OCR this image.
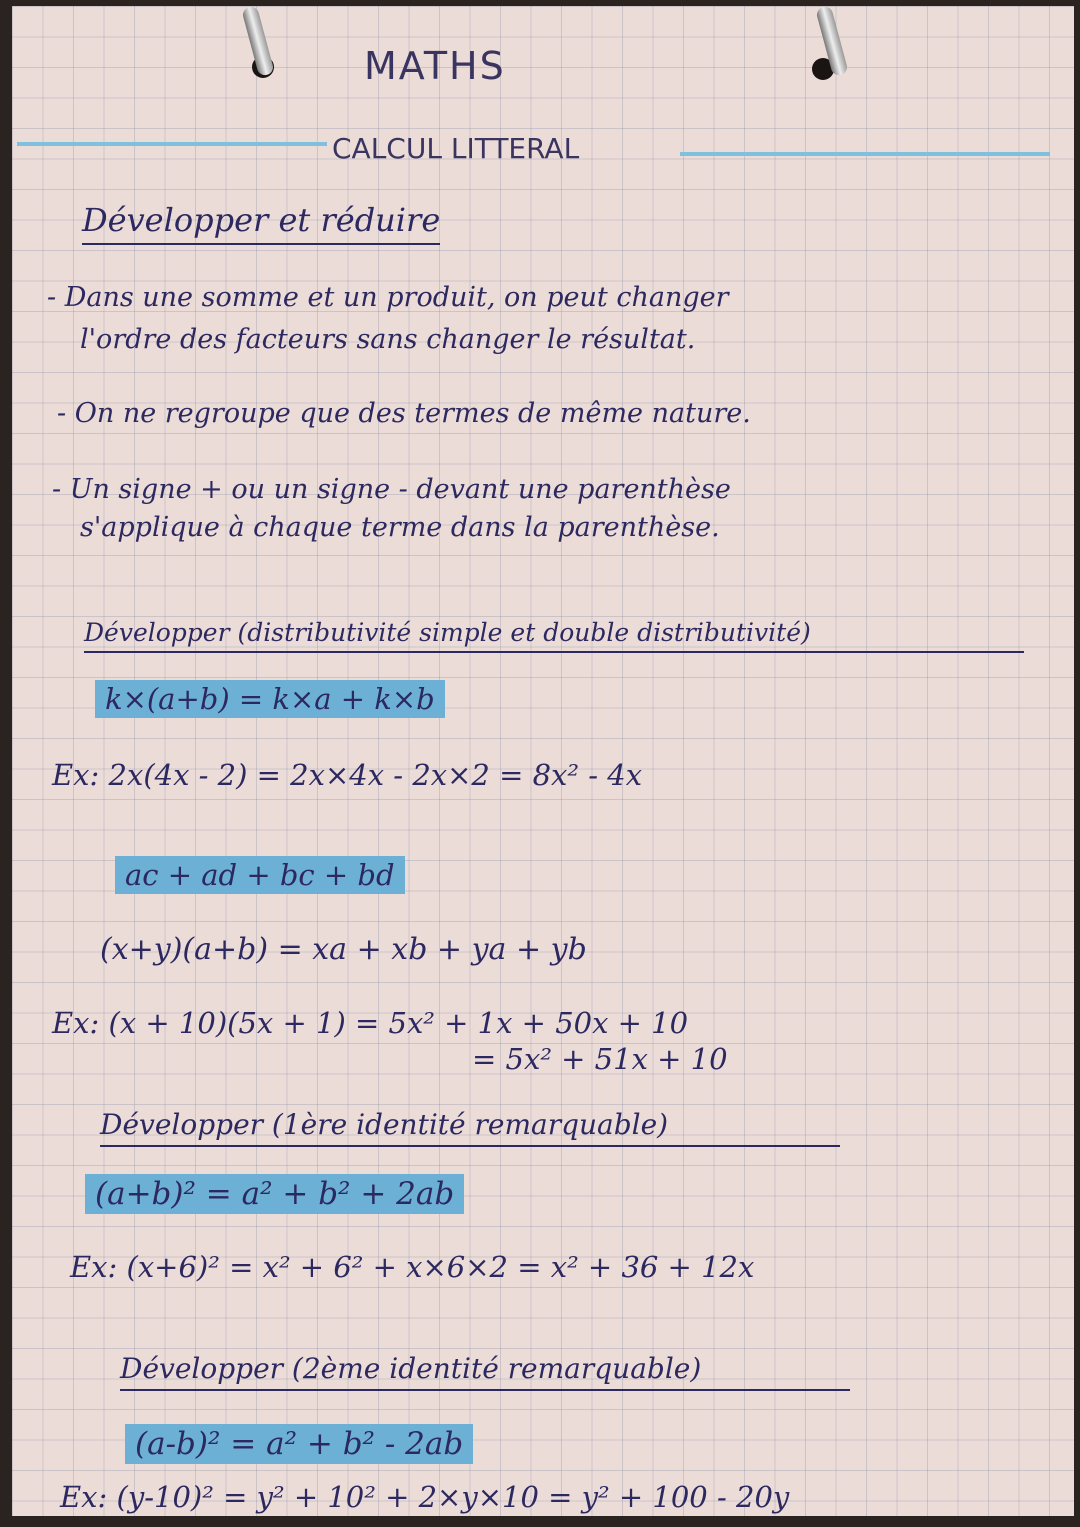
MATHS
CALCUL LITTERAL
Développer et réduire
- Dans une somme et un produit, on peut changer
l'ordre des facteurs sans changer le résultat.
- On ne regroupe que des termes de même nature.
- Un signe + ou un signe - devant une parenthèse
s'applique à chaque terme dans la parenthèse.
Développer (distributivité simple et double distributivité)
k×(a+b) = k×a + k×b
Ex: 2x(4x - 2) = 2x×4x - 2x×2 = 8x² - 4x
ac + ad + bc + bd
(x+y)(a+b) = xa + xb + ya + yb
Ex: (x + 10)(5x + 1) = 5x² + 1x + 50x + 10
= 5x² + 51x + 10
Développer (1ère identité remarquable)
(a+b)² = a² + b² + 2ab
Ex: (x+6)² = x² + 6² + x×6×2 = x² + 36 + 12x
Développer (2ème identité remarquable)
(a-b)² = a² + b² - 2ab
Ex: (y-10)² = y² + 10² + 2×y×10 = y² + 100 - 20y
